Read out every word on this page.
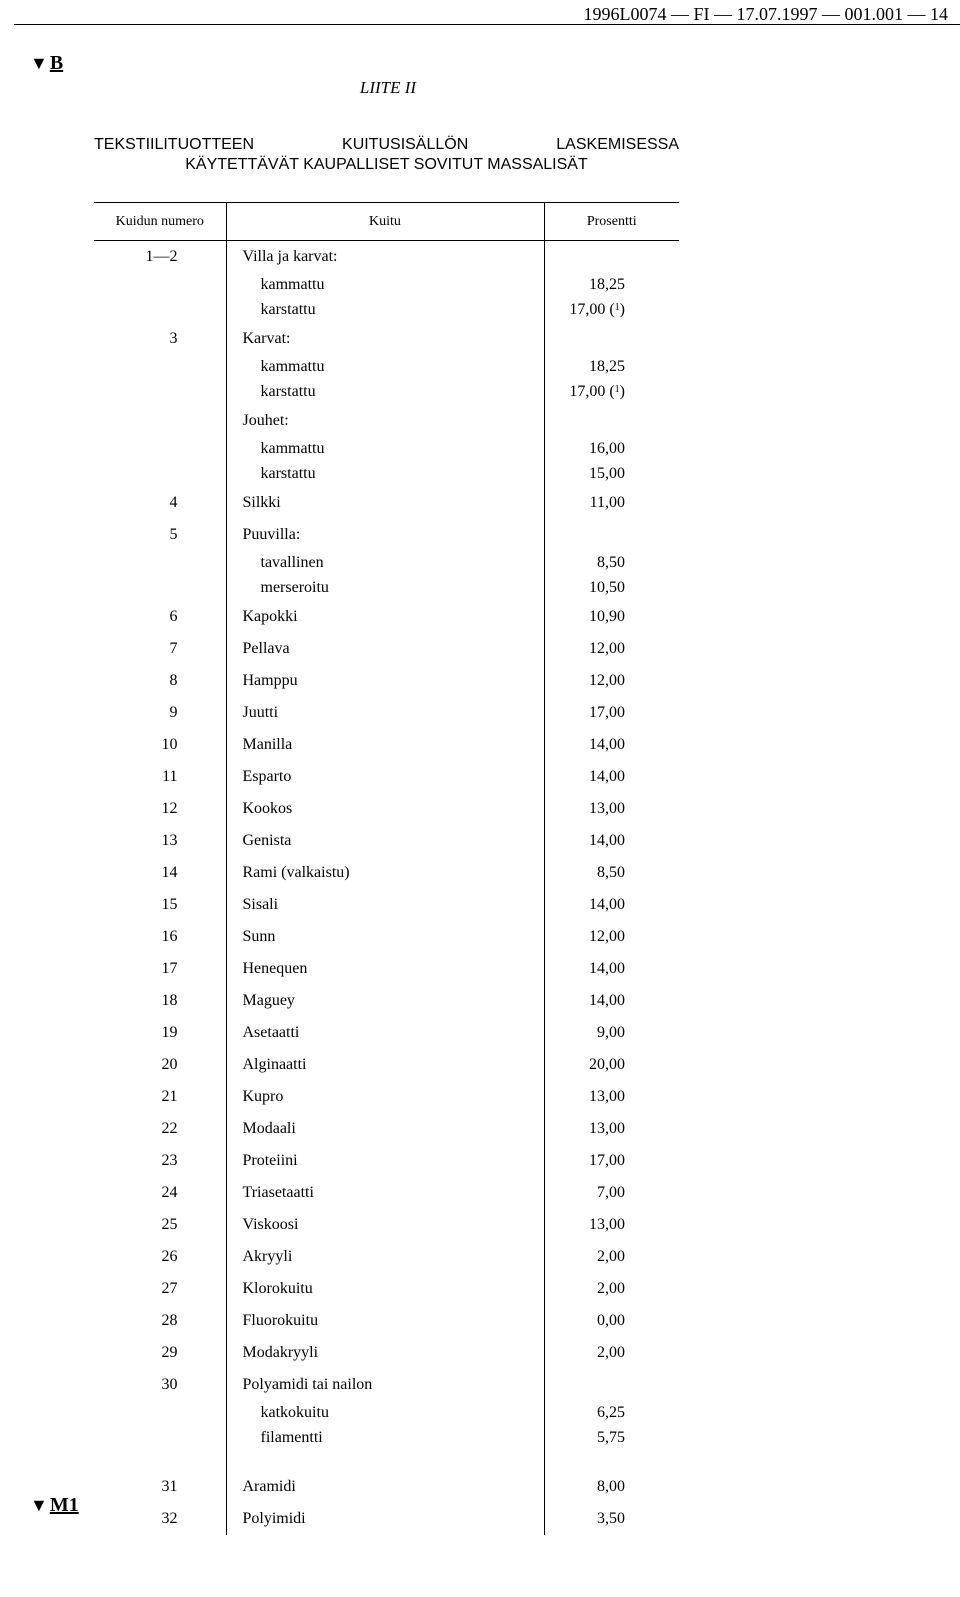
1996L0074 — FI — 17.07.1997 — 001.001 — 14
▼ B
▼ M1
LIITE II
TEKSTIILITUOTTEEN	KUITUSISÄLLÖN	LASKEMISESSA
KÄYTETTÄVÄT KAUPALLISET SOVITUT MASSALISÄT
Kuidun numero	Kuitu	Prosentti
1—2	Villa ja karvat:	
	kammattu	18,25
	karstattu	17,00 ($^1$)
3	Karvat:	
	kammattu	18,25
	karstattu	17,00 ($^1$)
	Jouhet:	
	kammattu	16,00
	karstattu	15,00
4	Silkki	11,00
5	Puuvilla:	
	tavallinen	8,50
	merseroitu	10,50
6	Kapokki	10,90
7	Pellava	12,00
8	Hamppu	12,00
9	Juutti	17,00
10	Manilla	14,00
11	Esparto	14,00
12	Kookos	13,00
13	Genista	14,00
14	Rami (valkaistu)	8,50
15	Sisali	14,00
16	Sunn	12,00
17	Henequen	14,00
18	Maguey	14,00
19	Asetaatti	9,00
20	Alginaatti	20,00
21	Kupro	13,00
22	Modaali	13,00
23	Proteiini	17,00
24	Triasetaatti	7,00
25	Viskoosi	13,00
26	Akryyli	2,00
27	Klorokuitu	2,00
28	Fluorokuitu	0,00
29	Modakryyli	2,00
30	Polyamidi tai nailon	
	katkokuitu	6,25
	filamentti	5,75

31	Aramidi	8,00
32	Polyimidi	3,50
